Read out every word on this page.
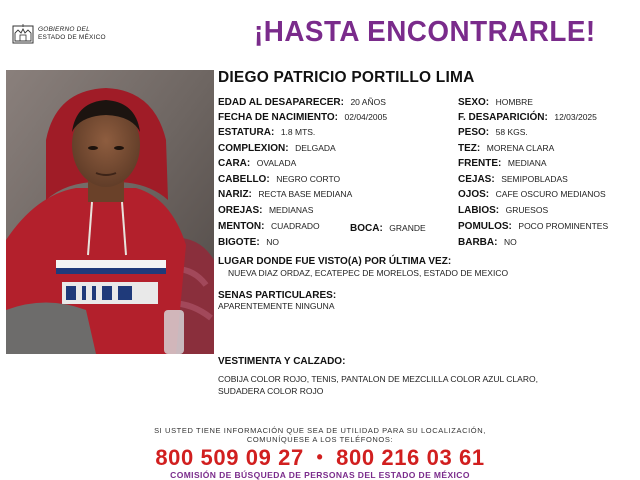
GOBIERNO DEL
ESTADO DE MÉXICO	¡HASTA ENCONTRARLE!
DIEGO PATRICIO PORTILLO LIMA
EDAD AL DESAPARECER: 20 AÑOS
FECHA DE NACIMIENTO: 02/04/2005
ESTATURA: 1.8 MTS.
COMPLEXION: DELGADA
CARA: OVALADA
CABELLO: NEGRO CORTO
NARIZ: RECTA BASE MEDIANA
OREJAS: MEDIANAS
MENTON: CUADRADO	BOCA: GRANDE
BIGOTE: NO
SEXO: HOMBRE
F. DESAPARICIÓN: 12/03/2025
PESO: 58 KGS.
TEZ: MORENA CLARA
FRENTE: MEDIANA
CEJAS: SEMIPOBLADAS
OJOS: CAFE OSCURO MEDIANOS
LABIOS: GRUESOS
POMULOS: POCO PROMINENTES
BARBA: NO
LUGAR DONDE FUE VISTO(A) POR ÚLTIMA VEZ:
NUEVA DIAZ ORDAZ, ECATEPEC DE MORELOS, ESTADO DE MEXICO
SENAS PARTICULARES:
APARENTEMENTE NINGUNA
VESTIMENTA Y CALZADO:
COBIJA COLOR ROJO, TENIS, PANTALON DE MEZCLILLA COLOR AZUL CLARO,
SUDADERA COLOR ROJO
SI USTED TIENE INFORMACIÓN QUE SEA DE UTILIDAD PARA SU LOCALIZACIÓN,
COMUNÍQUESE A LOS TELÉFONOS:
800 509 09 27 • 800 216 03 61
COMISIÓN DE BÚSQUEDA DE PERSONAS DEL ESTADO DE MÉXICO
